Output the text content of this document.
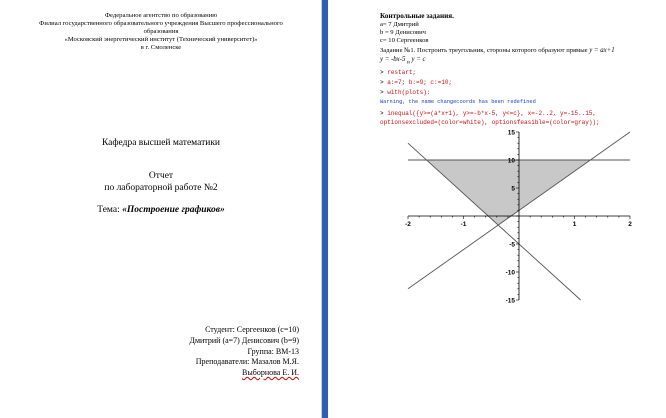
Федеральное агентство по образованию
Филиал государственного образовательного учреждения Высшего профессионального
образования
«Московский энергетический институт (Технический университет)»
в г. Смоленске
Кафедра высшей математики
Отчет
по лабораторной работе №2
Тема: «Построение графиков»
Студент: Сергеенков (с=10)
Дмитрий (а=7) Денисович (b=9)
Группа: ВМ-13
Преподаватели: Мазалов М.Я.
Выборнова Е. И.
Контрольные задания.
a= 7 Дмитрий
b = 9 Денисович
c= 10 Сергеенков
Задание №1. Построить треугольник, стороны которого образуют прямые y = ax+1
y = -bx-5 $_и$ y = c
> restart;
> a:=7; b:=9; c:=10;
> with(plots):
Warning, the name changecoords has been redefined
> inequal({y>=(a*x+1), y>=-b*x-5, y<=c}, x=-2..2, y=-15..15,
optionsexcluded=(color=white), optionsfeasible=(color=gray));
-2	-1	1	2
15
10
5
-5
-10
-15
